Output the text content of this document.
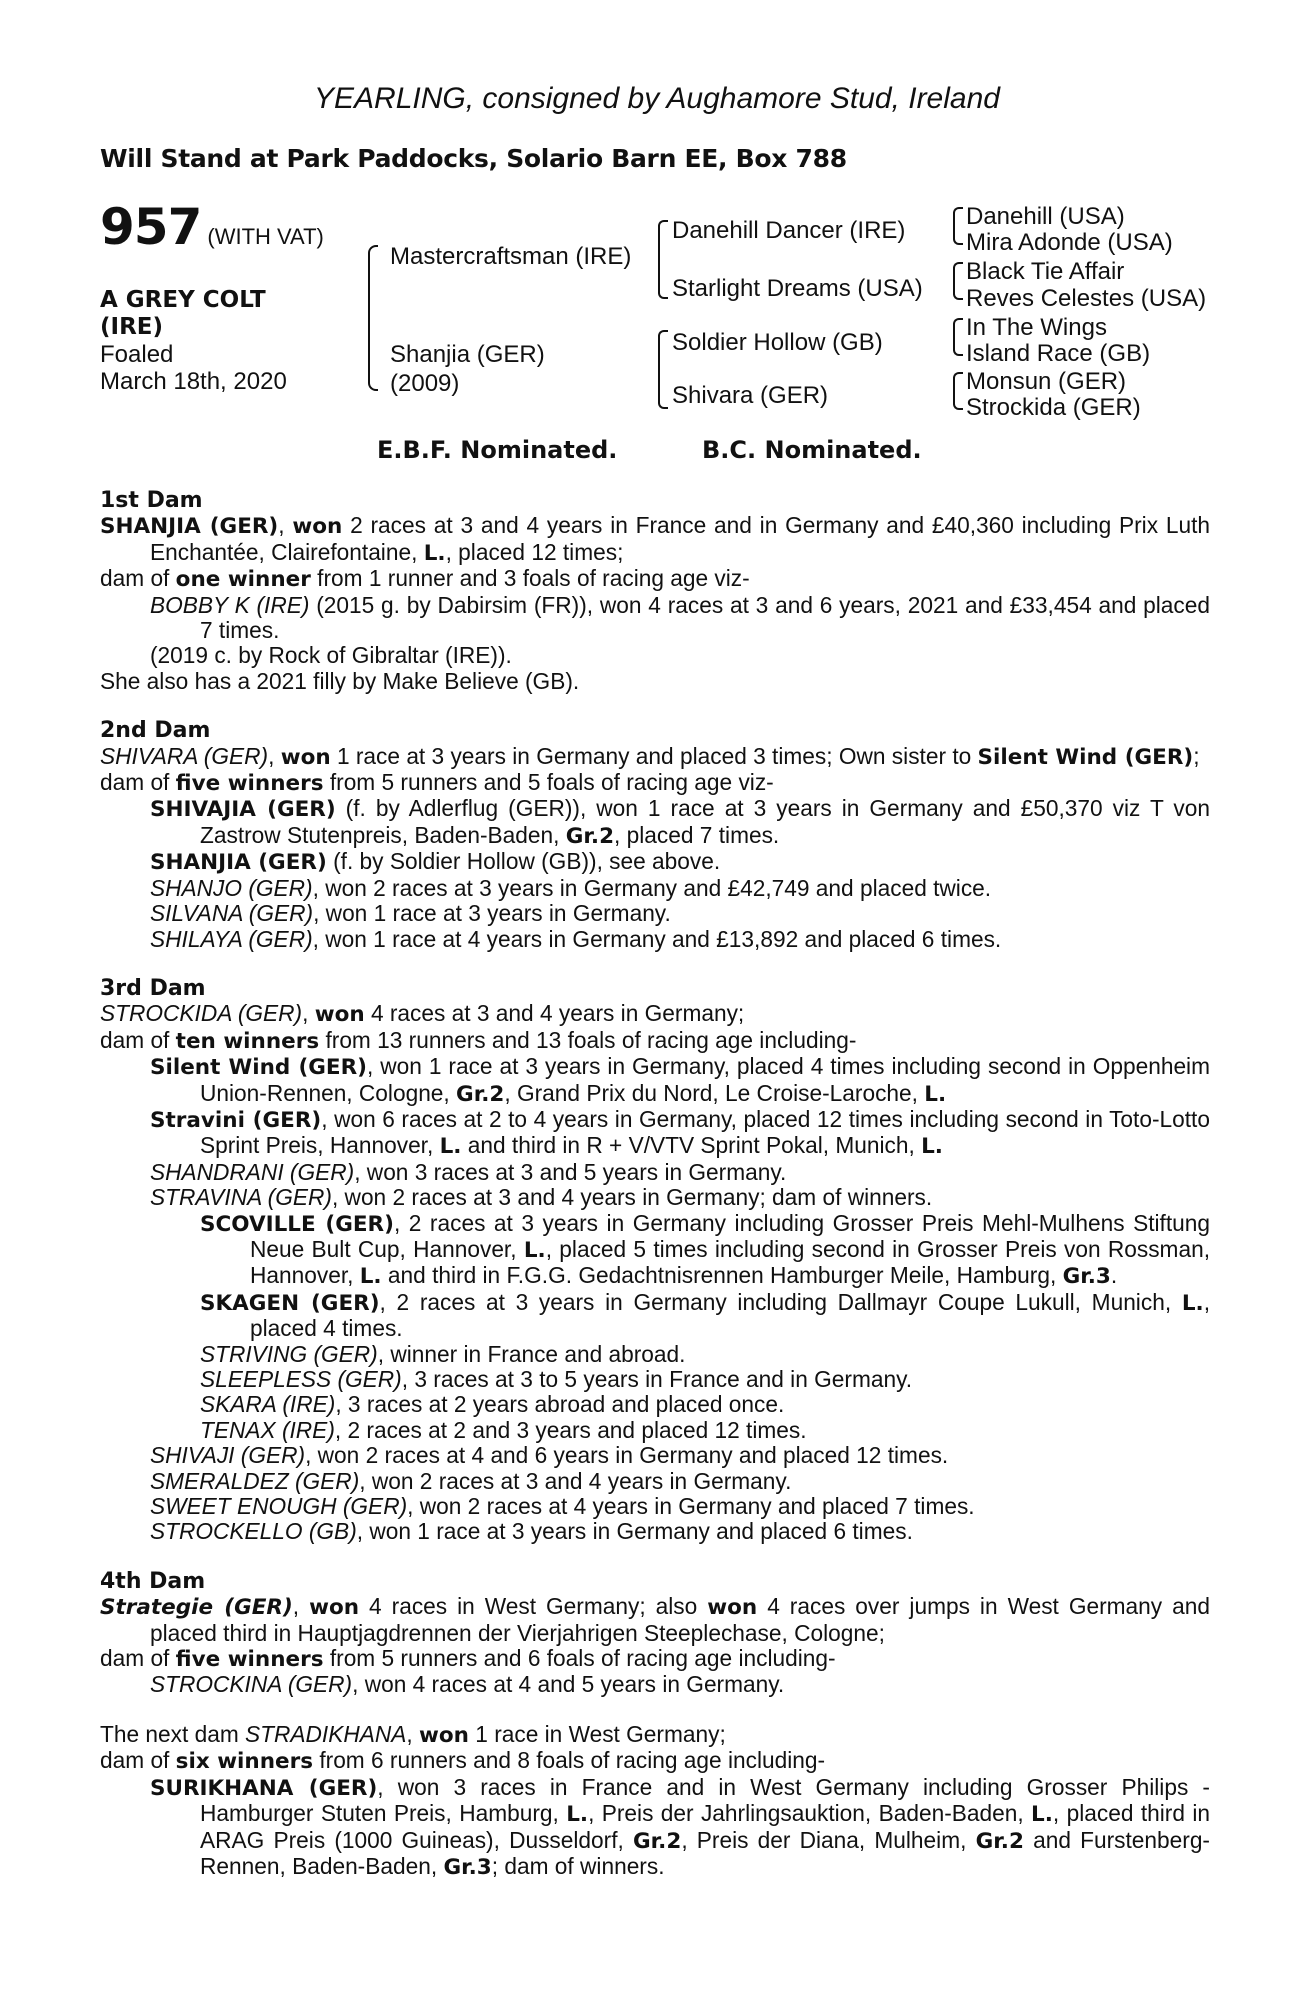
YEARLING, consigned by Aughamore Stud, Ireland
Will Stand at Park Paddocks, Solario Barn EE, Box 788
957 (WITH VAT)
A GREY COLT
(IRE)
Foaled
March 18th, 2020
Mastercraftsman (IRE)
Shanjia (GER)
(2009)
Danehill Dancer (IRE)
Starlight Dreams (USA)
Soldier Hollow (GB)
Shivara (GER)
Danehill (USA)
Mira Adonde (USA)
Black Tie Affair
Reves Celestes (USA)
In The Wings
Island Race (GB)
Monsun (GER)
Strockida (GER)
E.B.F. Nominated.	B.C. Nominated.
1st Dam
SHANJIA (GER), won 2 races at 3 and 4 years in France and in Germany and £40,360 including Prix Luth Enchantée, Clairefontaine, L., placed 12 times;
dam of one winner from 1 runner and 3 foals of racing age viz-
BOBBY K (IRE) (2015 g. by Dabirsim (FR)), won 4 races at 3 and 6 years, 2021 and £33,454 and placed 7 times.
(2019 c. by Rock of Gibraltar (IRE)).
She also has a 2021 filly by Make Believe (GB).
2nd Dam
SHIVARA (GER), won 1 race at 3 years in Germany and placed 3 times; Own sister to Silent Wind (GER);
dam of five winners from 5 runners and 5 foals of racing age viz-
SHIVAJIA (GER) (f. by Adlerflug (GER)), won 1 race at 3 years in Germany and £50,370 viz T von Zastrow Stutenpreis, Baden-Baden, Gr.2, placed 7 times.
SHANJIA (GER) (f. by Soldier Hollow (GB)), see above.
SHANJO (GER), won 2 races at 3 years in Germany and £42,749 and placed twice.
SILVANA (GER), won 1 race at 3 years in Germany.
SHILAYA (GER), won 1 race at 4 years in Germany and £13,892 and placed 6 times.
3rd Dam
STROCKIDA (GER), won 4 races at 3 and 4 years in Germany;
dam of ten winners from 13 runners and 13 foals of racing age including-
Silent Wind (GER), won 1 race at 3 years in Germany, placed 4 times including second in Oppenheim Union-Rennen, Cologne, Gr.2, Grand Prix du Nord, Le Croise-Laroche, L.
Stravini (GER), won 6 races at 2 to 4 years in Germany, placed 12 times including second in Toto-Lotto Sprint Preis, Hannover, L. and third in R + V/VTV Sprint Pokal, Munich, L.
SHANDRANI (GER), won 3 races at 3 and 5 years in Germany.
STRAVINA (GER), won 2 races at 3 and 4 years in Germany; dam of winners.
SCOVILLE (GER), 2 races at 3 years in Germany including Grosser Preis Mehl-Mulhens Stiftung Neue Bult Cup, Hannover, L., placed 5 times including second in Grosser Preis von Rossman, Hannover, L. and third in F.G.G. Gedachtnisrennen Hamburger Meile, Hamburg, Gr.3.
SKAGEN (GER), 2 races at 3 years in Germany including Dallmayr Coupe Lukull, Munich, L., placed 4 times.
STRIVING (GER), winner in France and abroad.
SLEEPLESS (GER), 3 races at 3 to 5 years in France and in Germany.
SKARA (IRE), 3 races at 2 years abroad and placed once.
TENAX (IRE), 2 races at 2 and 3 years and placed 12 times.
SHIVAJI (GER), won 2 races at 4 and 6 years in Germany and placed 12 times.
SMERALDEZ (GER), won 2 races at 3 and 4 years in Germany.
SWEET ENOUGH (GER), won 2 races at 4 years in Germany and placed 7 times.
STROCKELLO (GB), won 1 race at 3 years in Germany and placed 6 times.
4th Dam
Strategie (GER), won 4 races in West Germany; also won 4 races over jumps in West Germany and placed third in Hauptjagdrennen der Vierjahrigen Steeplechase, Cologne;
dam of five winners from 5 runners and 6 foals of racing age including-
STROCKINA (GER), won 4 races at 4 and 5 years in Germany.
The next dam STRADIKHANA, won 1 race in West Germany;
dam of six winners from 6 runners and 8 foals of racing age including-
SURIKHANA (GER), won 3 races in France and in West Germany including Grosser Philips - Hamburger Stuten Preis, Hamburg, L., Preis der Jahrlingsauktion, Baden-Baden, L., placed third in ARAG Preis (1000 Guineas), Dusseldorf, Gr.2, Preis der Diana, Mulheim, Gr.2 and Furstenberg-Rennen, Baden-Baden, Gr.3; dam of winners.
